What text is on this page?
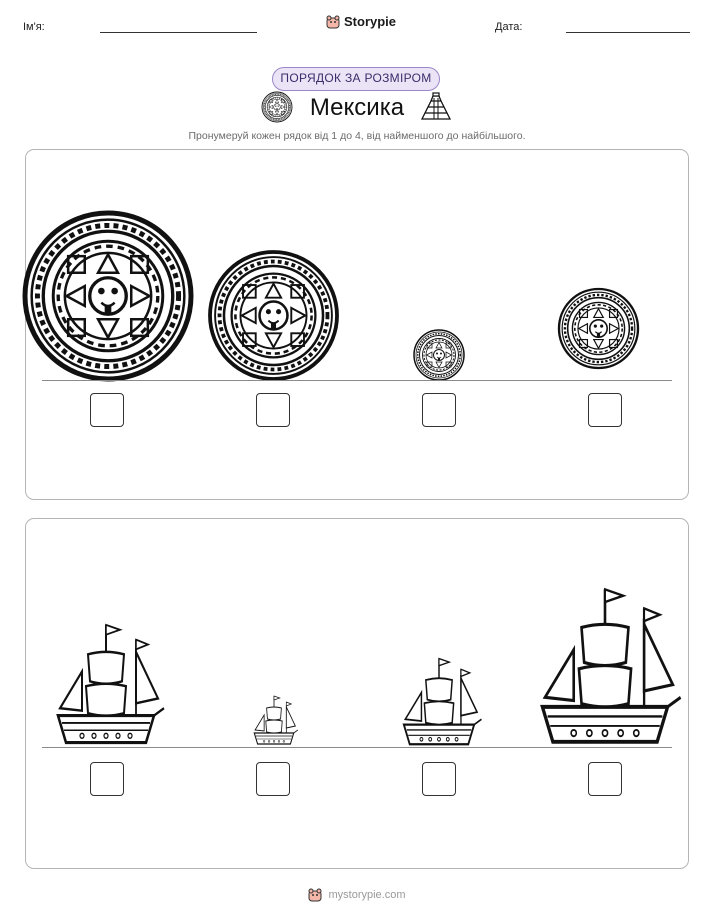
Ім'я:	Storypie	Дата:
ПОРЯДОК ЗА РОЗМІРОМ
Мексика
Пронумеруй кожен рядок від 1 до 4, від найменшого до найбільшого.
mystorypie.com
